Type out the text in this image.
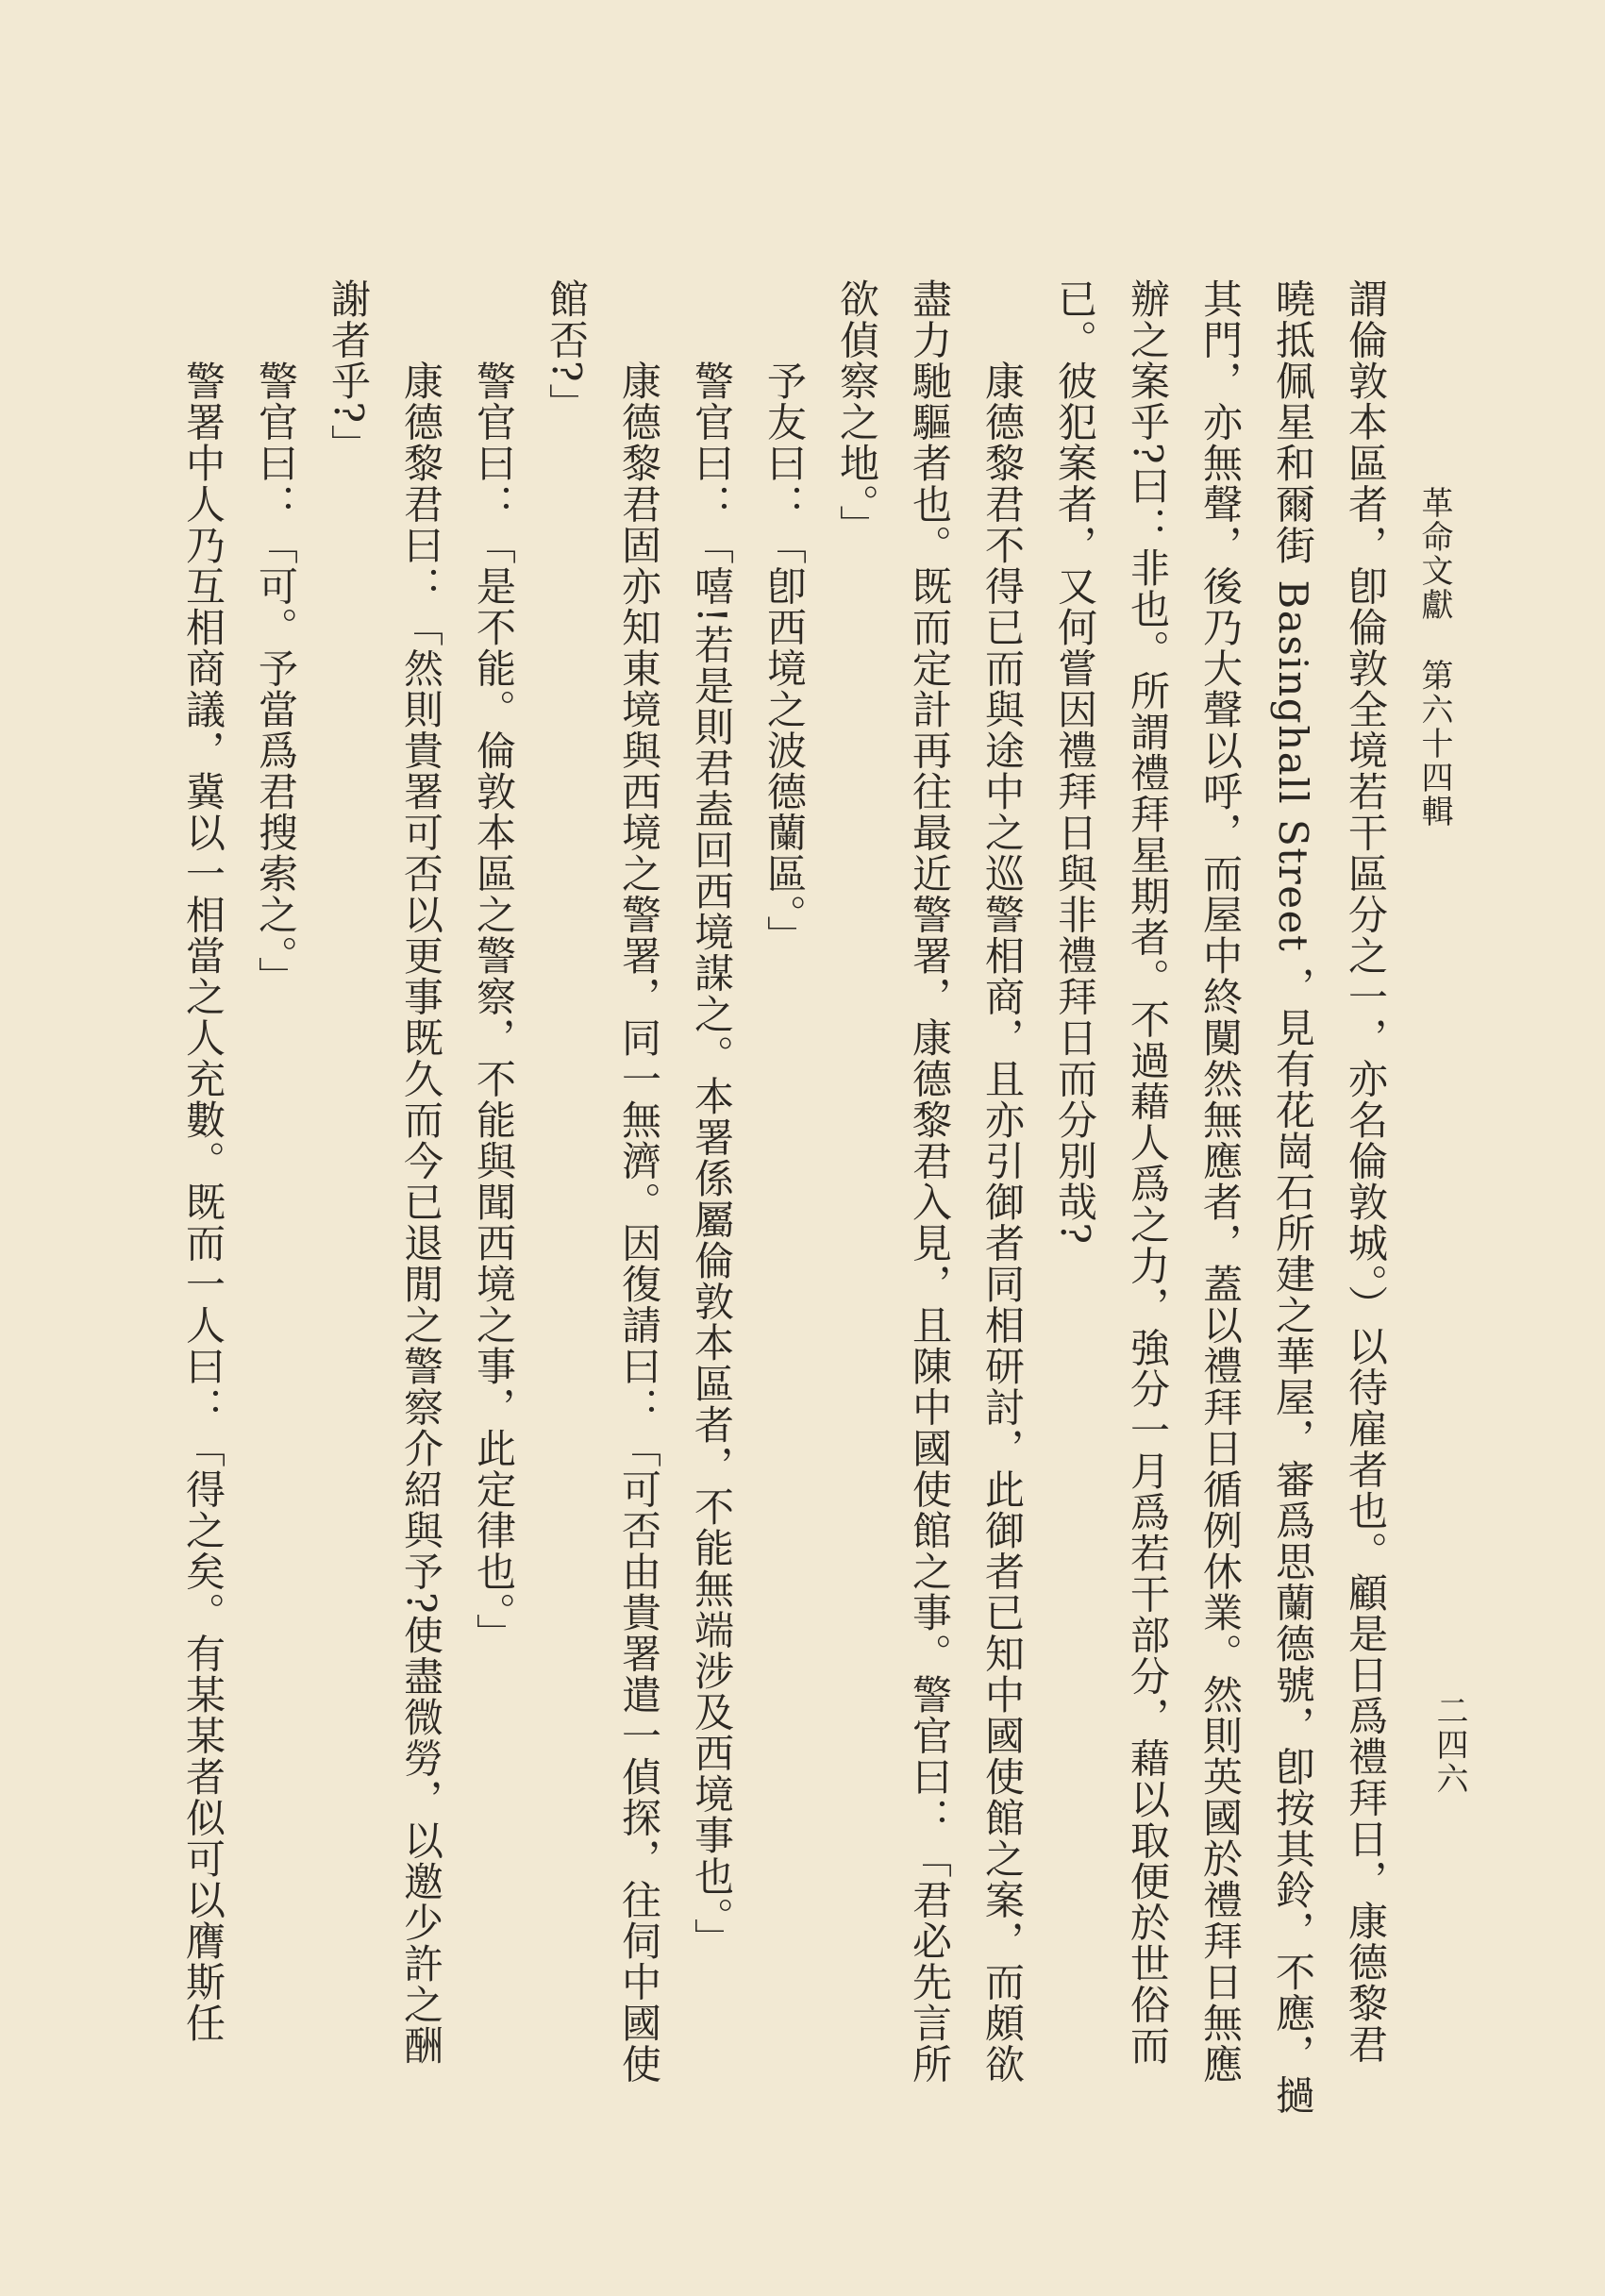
革命文獻 第六十四輯
二四六
謂倫敦本區者，卽倫敦全境若干區分之一，亦名倫敦城。）以待雇者也。顧是日爲禮拜日，康德黎君
曉抵佩星和爾街 Basinghall Street ，見有花崗石所建之華屋，審爲思蘭德號，卽按其鈴，不應，撾
其門，亦無聲，後乃大聲以呼，而屋中終闃然無應者，蓋以禮拜日循例休業。然則英國於禮拜日無應
辦之案乎?曰：非也。所謂禮拜星期者。不過藉人爲之力，強分一月爲若干部分，藉以取便於世俗而
已。彼犯案者，又何嘗因禮拜日與非禮拜日而分別哉?
康德黎君不得已而與途中之巡警相商，且亦引御者同相研討，此御者已知中國使館之案，而頗欲
盡力馳驅者也。既而定計再往最近警署，康德黎君入見，且陳中國使館之事。警官曰：「君必先言所
欲偵察之地。」
予友曰：「卽西境之波德蘭區。」
警官曰：「嘻!若是則君盍回西境謀之。本署係屬倫敦本區者，不能無端涉及西境事也。」
康德黎君固亦知東境與西境之警署，同一無濟。因復請曰：「可否由貴署遣一偵探，往伺中國使
館否?」
警官曰：「是不能。倫敦本區之警察，不能與聞西境之事，此定律也。」
康德黎君曰：「然則貴署可否以更事既久而今已退閒之警察介紹與予?使盡微勞，以邀少許之酬
謝者乎?」
警官曰：「可。予當爲君搜索之。」
警署中人乃互相商議，冀以一相當之人充數。既而一人曰：「得之矣。有某某者似可以膺斯任
